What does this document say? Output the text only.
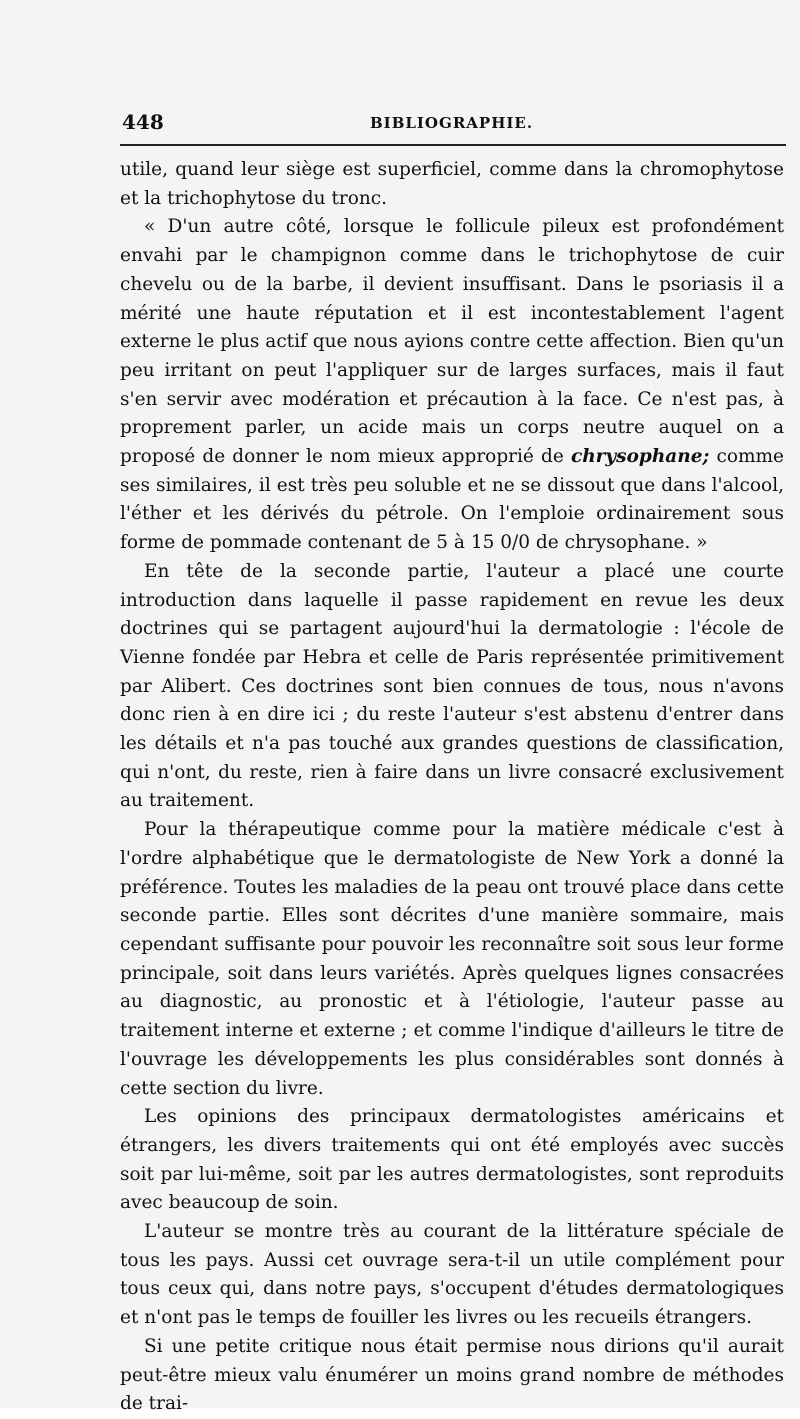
448	BIBLIOGRAPHIE.

utile, quand leur siège est superficiel, comme dans la chromophytose et la trichophytose du tronc.

« D'un autre côté, lorsque le follicule pileux est profondément envahi par le champignon comme dans le trichophytose de cuir chevelu ou de la barbe, il devient insuffisant. Dans le psoriasis il a mérité une haute réputation et il est incontestablement l'agent externe le plus actif que nous ayions contre cette affection. Bien qu'un peu irritant on peut l'appliquer sur de larges surfaces, mais il faut s'en servir avec modération et précaution à la face. Ce n'est pas, à proprement parler, un acide mais un corps neutre auquel on a proposé de donner le nom mieux approprié de chrysophane; comme ses similaires, il est très peu soluble et ne se dissout que dans l'alcool, l'éther et les dérivés du pétrole. On l'emploie ordinairement sous forme de pommade contenant de 5 à 15 0/0 de chrysophane. »

En tête de la seconde partie, l'auteur a placé une courte introduction dans laquelle il passe rapidement en revue les deux doctrines qui se partagent aujourd'hui la dermatologie : l'école de Vienne fondée par Hebra et celle de Paris représentée primitivement par Alibert. Ces doctrines sont bien connues de tous, nous n'avons donc rien à en dire ici ; du reste l'auteur s'est abstenu d'entrer dans les détails et n'a pas touché aux grandes questions de classification, qui n'ont, du reste, rien à faire dans un livre consacré exclusivement au traitement.

Pour la thérapeutique comme pour la matière médicale c'est à l'ordre alphabétique que le dermatologiste de New York a donné la préférence. Toutes les maladies de la peau ont trouvé place dans cette seconde partie. Elles sont décrites d'une manière sommaire, mais cependant suffisante pour pouvoir les reconnaître soit sous leur forme principale, soit dans leurs variétés. Après quelques lignes consacrées au diagnostic, au pronostic et à l'étiologie, l'auteur passe au traitement interne et externe ; et comme l'indique d'ailleurs le titre de l'ouvrage les développements les plus considérables sont donnés à cette section du livre.

Les opinions des principaux dermatologistes américains et étrangers, les divers traitements qui ont été employés avec succès soit par lui-même, soit par les autres dermatologistes, sont reproduits avec beaucoup de soin.

L'auteur se montre très au courant de la littérature spéciale de tous les pays. Aussi cet ouvrage sera-t-il un utile complément pour tous ceux qui, dans notre pays, s'occupent d'études dermatologiques et n'ont pas le temps de fouiller les livres ou les recueils étrangers.

Si une petite critique nous était permise nous dirions qu'il aurait peut-être mieux valu énumérer un moins grand nombre de méthodes de trai-
